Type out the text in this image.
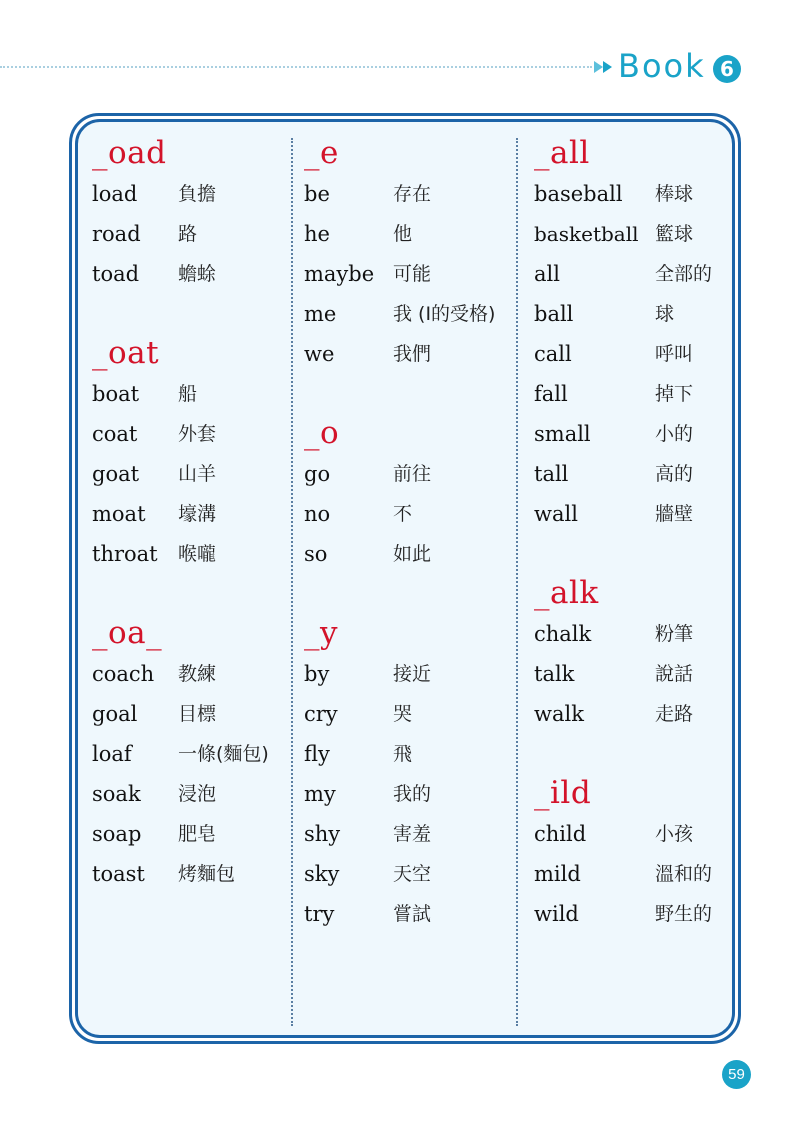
Book 6
_oad
load	負擔
road	路
toad	蟾蜍
_oat
boat	船
coat	外套
goat	山羊
moat	壕溝
throat	喉嚨
_oa_
coach	教練
goal	目標
loaf	一條(麵包)
soak	浸泡
soap	肥皂
toast	烤麵包
_e
be	存在
he	他
maybe 可能
me	我 (I的受格)
we	我們
_o
go	前往
no	不
so	如此
_y
by	接近
cry	哭
fly	飛
my	我的
shy	害羞
sky	天空
try	嘗試
_all
baseball	棒球
basketball 籃球
all	全部的
ball	球
call	呼叫
fall	掉下
small	小的
tall	高的
wall	牆壁
_alk
chalk	粉筆
talk	說話
walk	走路
_ild
child	小孩
mild	溫和的
wild	野生的
59
